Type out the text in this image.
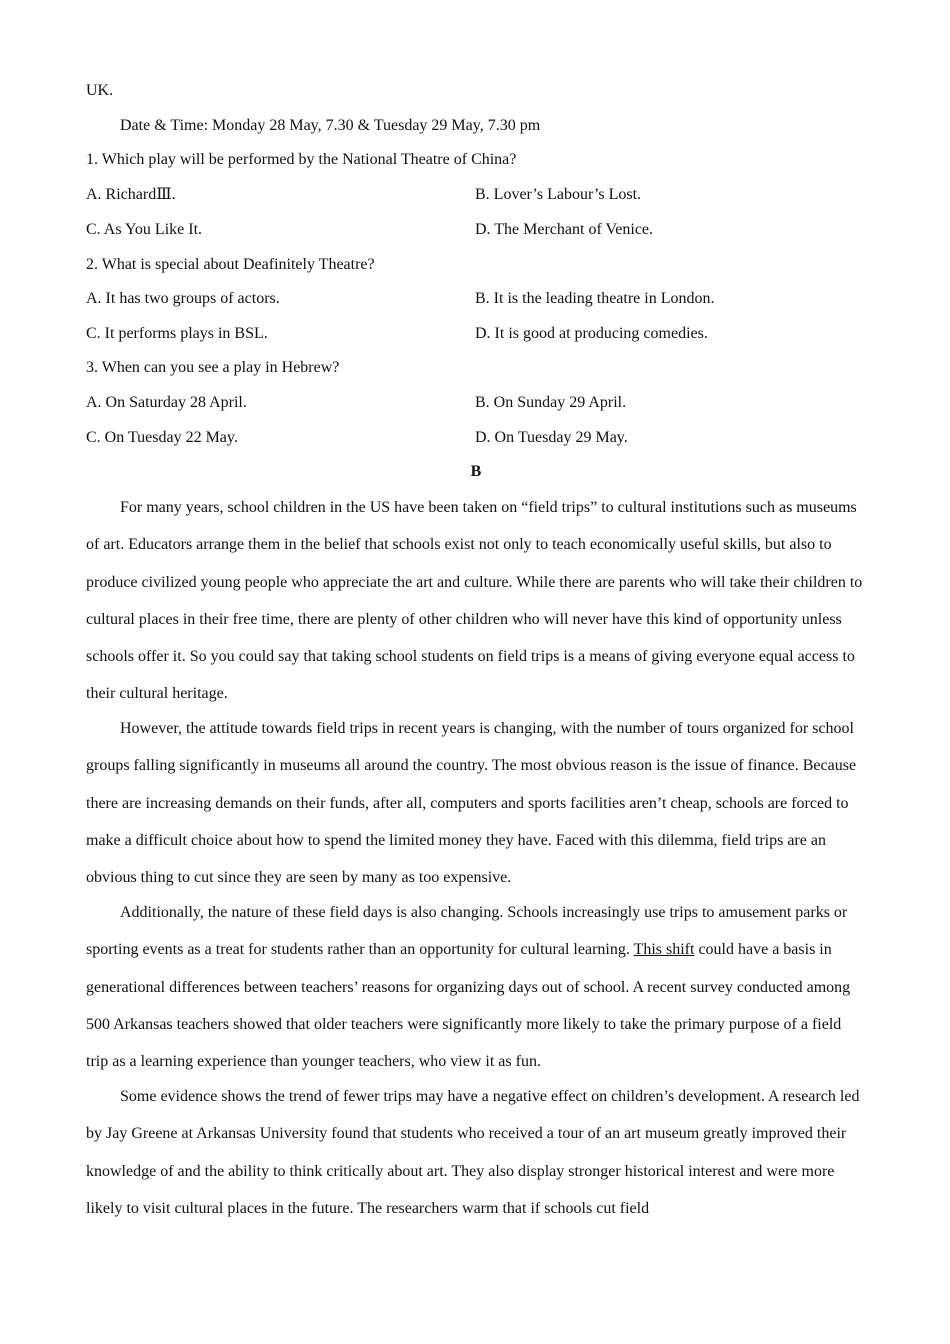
UK.
Date & Time: Monday 28 May, 7.30 & Tuesday 29 May, 7.30 pm
1. Which play will be performed by the National Theatre of China?
A. RichardⅢ.	B. Lover’s Labour’s Lost.
C. As You Like It.	D. The Merchant of Venice.
2. What is special about Deafinitely Theatre?
A. It has two groups of actors.	B. It is the leading theatre in London.
C. It performs plays in BSL.	D. It is good at producing comedies.
3. When can you see a play in Hebrew?
A. On Saturday 28 April.	B. On Sunday 29 April.
C. On Tuesday 22 May.	D. On Tuesday 29 May.
B
For many years, school children in the US have been taken on “field trips” to cultural institutions such as museums of art. Educators arrange them in the belief that schools exist not only to teach economically useful skills, but also to produce civilized young people who appreciate the art and culture. While there are parents who will take their children to cultural places in their free time, there are plenty of other children who will never have this kind of opportunity unless schools offer it. So you could say that taking school students on field trips is a means of giving everyone equal access to their cultural heritage.
However, the attitude towards field trips in recent years is changing, with the number of tours organized for school groups falling significantly in museums all around the country. The most obvious reason is the issue of finance. Because there are increasing demands on their funds, after all, computers and sports facilities aren’t cheap, schools are forced to make a difficult choice about how to spend the limited money they have. Faced with this dilemma, field trips are an obvious thing to cut since they are seen by many as too expensive.
Additionally, the nature of these field days is also changing. Schools increasingly use trips to amusement parks or sporting events as a treat for students rather than an opportunity for cultural learning. This shift could have a basis in generational differences between teachers’ reasons for organizing days out of school. A recent survey conducted among 500 Arkansas teachers showed that older teachers were significantly more likely to take the primary purpose of a field trip as a learning experience than younger teachers, who view it as fun.
Some evidence shows the trend of fewer trips may have a negative effect on children’s development. A research led by Jay Greene at Arkansas University found that students who received a tour of an art museum greatly improved their knowledge of and the ability to think critically about art. They also display stronger historical interest and were more likely to visit cultural places in the future. The researchers warm that if schools cut field
